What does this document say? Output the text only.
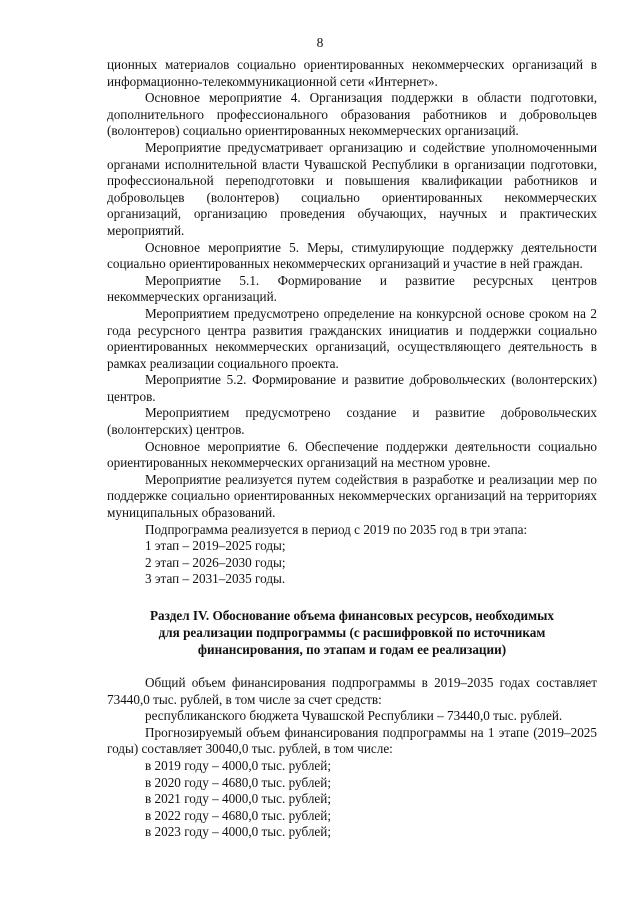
8

ционных материалов социально ориентированных некоммерческих организаций в информационно-телекоммуникационной сети «Интернет».

Основное мероприятие 4. Организация поддержки в области подготовки, дополнительного профессионального образования работников и добровольцев (волонтеров) социально ориентированных некоммерческих организаций.

Мероприятие предусматривает организацию и содействие уполномоченными органами исполнительной власти Чувашской Республики в организации подготовки, профессиональной переподготовки и повышения квалификации работников и добровольцев (волонтеров) социально ориентированных некоммерческих организаций, организацию проведения обучающих, научных и практических мероприятий.

Основное мероприятие 5. Меры, стимулирующие поддержку деятельности социально ориентированных некоммерческих организаций и участие в ней граждан.

Мероприятие 5.1. Формирование и развитие ресурсных центров некоммерческих организаций.

Мероприятием предусмотрено определение на конкурсной основе сроком на 2 года ресурсного центра развития гражданских инициатив и поддержки социально ориентированных некоммерческих организаций, осуществляющего деятельность в рамках реализации социального проекта.

Мероприятие 5.2. Формирование и развитие добровольческих (волонтерских) центров.

Мероприятием предусмотрено создание и развитие добровольческих (волонтерских) центров.

Основное мероприятие 6. Обеспечение поддержки деятельности социально ориентированных некоммерческих организаций на местном уровне.

Мероприятие реализуется путем содействия в разработке и реализации мер по поддержке социально ориентированных некоммерческих организаций на территориях муниципальных образований.

Подпрограмма реализуется в период с 2019 по 2035 год в три этапа:

1 этап – 2019–2025 годы;

2 этап – 2026–2030 годы;

3 этап – 2031–2035 годы.

Раздел IV. Обоснование объема финансовых ресурсов, необходимых
для реализации подпрограммы (с расшифровкой по источникам
финансирования, по этапам и годам ее реализации)

Общий объем финансирования подпрограммы в 2019–2035 годах составляет 73440,0 тыс. рублей, в том числе за счет средств:

республиканского бюджета Чувашской Республики – 73440,0 тыс. рублей.

Прогнозируемый объем финансирования подпрограммы на 1 этапе (2019–2025 годы) составляет 30040,0 тыс. рублей, в том числе:

в 2019 году – 4000,0 тыс. рублей;

в 2020 году – 4680,0 тыс. рублей;

в 2021 году – 4000,0 тыс. рублей;

в 2022 году – 4680,0 тыс. рублей;

в 2023 году – 4000,0 тыс. рублей;
